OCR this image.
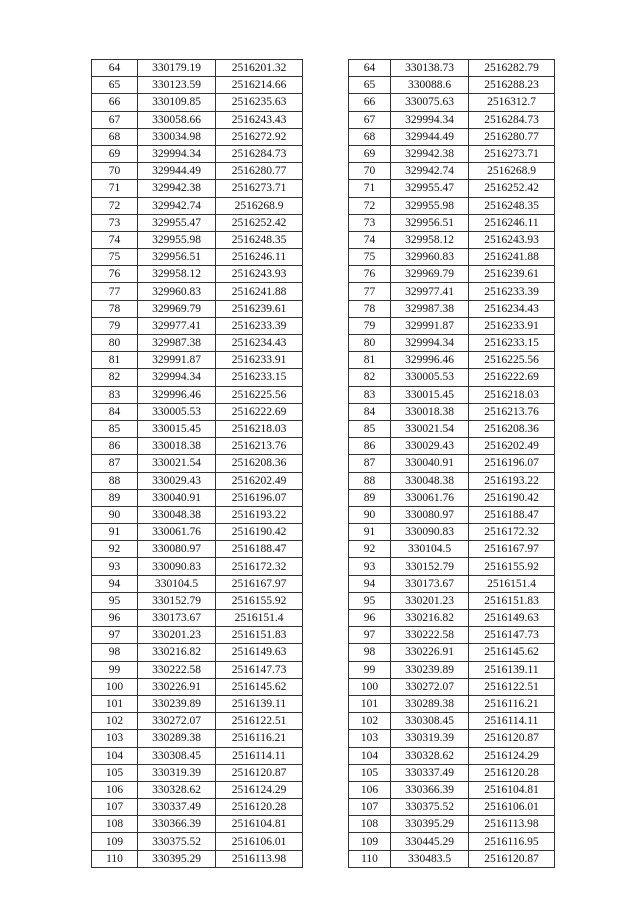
64	330179.19	2516201.32
65	330123.59	2516214.66
66	330109.85	2516235.63
67	330058.66	2516243.43
68	330034.98	2516272.92
69	329994.34	2516284.73
70	329944.49	2516280.77
71	329942.38	2516273.71
72	329942.74	2516268.9
73	329955.47	2516252.42
74	329955.98	2516248.35
75	329956.51	2516246.11
76	329958.12	2516243.93
77	329960.83	2516241.88
78	329969.79	2516239.61
79	329977.41	2516233.39
80	329987.38	2516234.43
81	329991.87	2516233.91
82	329994.34	2516233.15
83	329996.46	2516225.56
84	330005.53	2516222.69
85	330015.45	2516218.03
86	330018.38	2516213.76
87	330021.54	2516208.36
88	330029.43	2516202.49
89	330040.91	2516196.07
90	330048.38	2516193.22
91	330061.76	2516190.42
92	330080.97	2516188.47
93	330090.83	2516172.32
94	330104.5	2516167.97
95	330152.79	2516155.92
96	330173.67	2516151.4
97	330201.23	2516151.83
98	330216.82	2516149.63
99	330222.58	2516147.73
100	330226.91	2516145.62
101	330239.89	2516139.11
102	330272.07	2516122.51
103	330289.38	2516116.21
104	330308.45	2516114.11
105	330319.39	2516120.87
106	330328.62	2516124.29
107	330337.49	2516120.28
108	330366.39	2516104.81
109	330375.52	2516106.01
110	330395.29	2516113.98
64	330138.73	2516282.79
65	330088.6	2516288.23
66	330075.63	2516312.7
67	329994.34	2516284.73
68	329944.49	2516280.77
69	329942.38	2516273.71
70	329942.74	2516268.9
71	329955.47	2516252.42
72	329955.98	2516248.35
73	329956.51	2516246.11
74	329958.12	2516243.93
75	329960.83	2516241.88
76	329969.79	2516239.61
77	329977.41	2516233.39
78	329987.38	2516234.43
79	329991.87	2516233.91
80	329994.34	2516233.15
81	329996.46	2516225.56
82	330005.53	2516222.69
83	330015.45	2516218.03
84	330018.38	2516213.76
85	330021.54	2516208.36
86	330029.43	2516202.49
87	330040.91	2516196.07
88	330048.38	2516193.22
89	330061.76	2516190.42
90	330080.97	2516188.47
91	330090.83	2516172.32
92	330104.5	2516167.97
93	330152.79	2516155.92
94	330173.67	2516151.4
95	330201.23	2516151.83
96	330216.82	2516149.63
97	330222.58	2516147.73
98	330226.91	2516145.62
99	330239.89	2516139.11
100	330272.07	2516122.51
101	330289.38	2516116.21
102	330308.45	2516114.11
103	330319.39	2516120.87
104	330328.62	2516124.29
105	330337.49	2516120.28
106	330366.39	2516104.81
107	330375.52	2516106.01
108	330395.29	2516113.98
109	330445.29	2516116.95
110	330483.5	2516120.87
